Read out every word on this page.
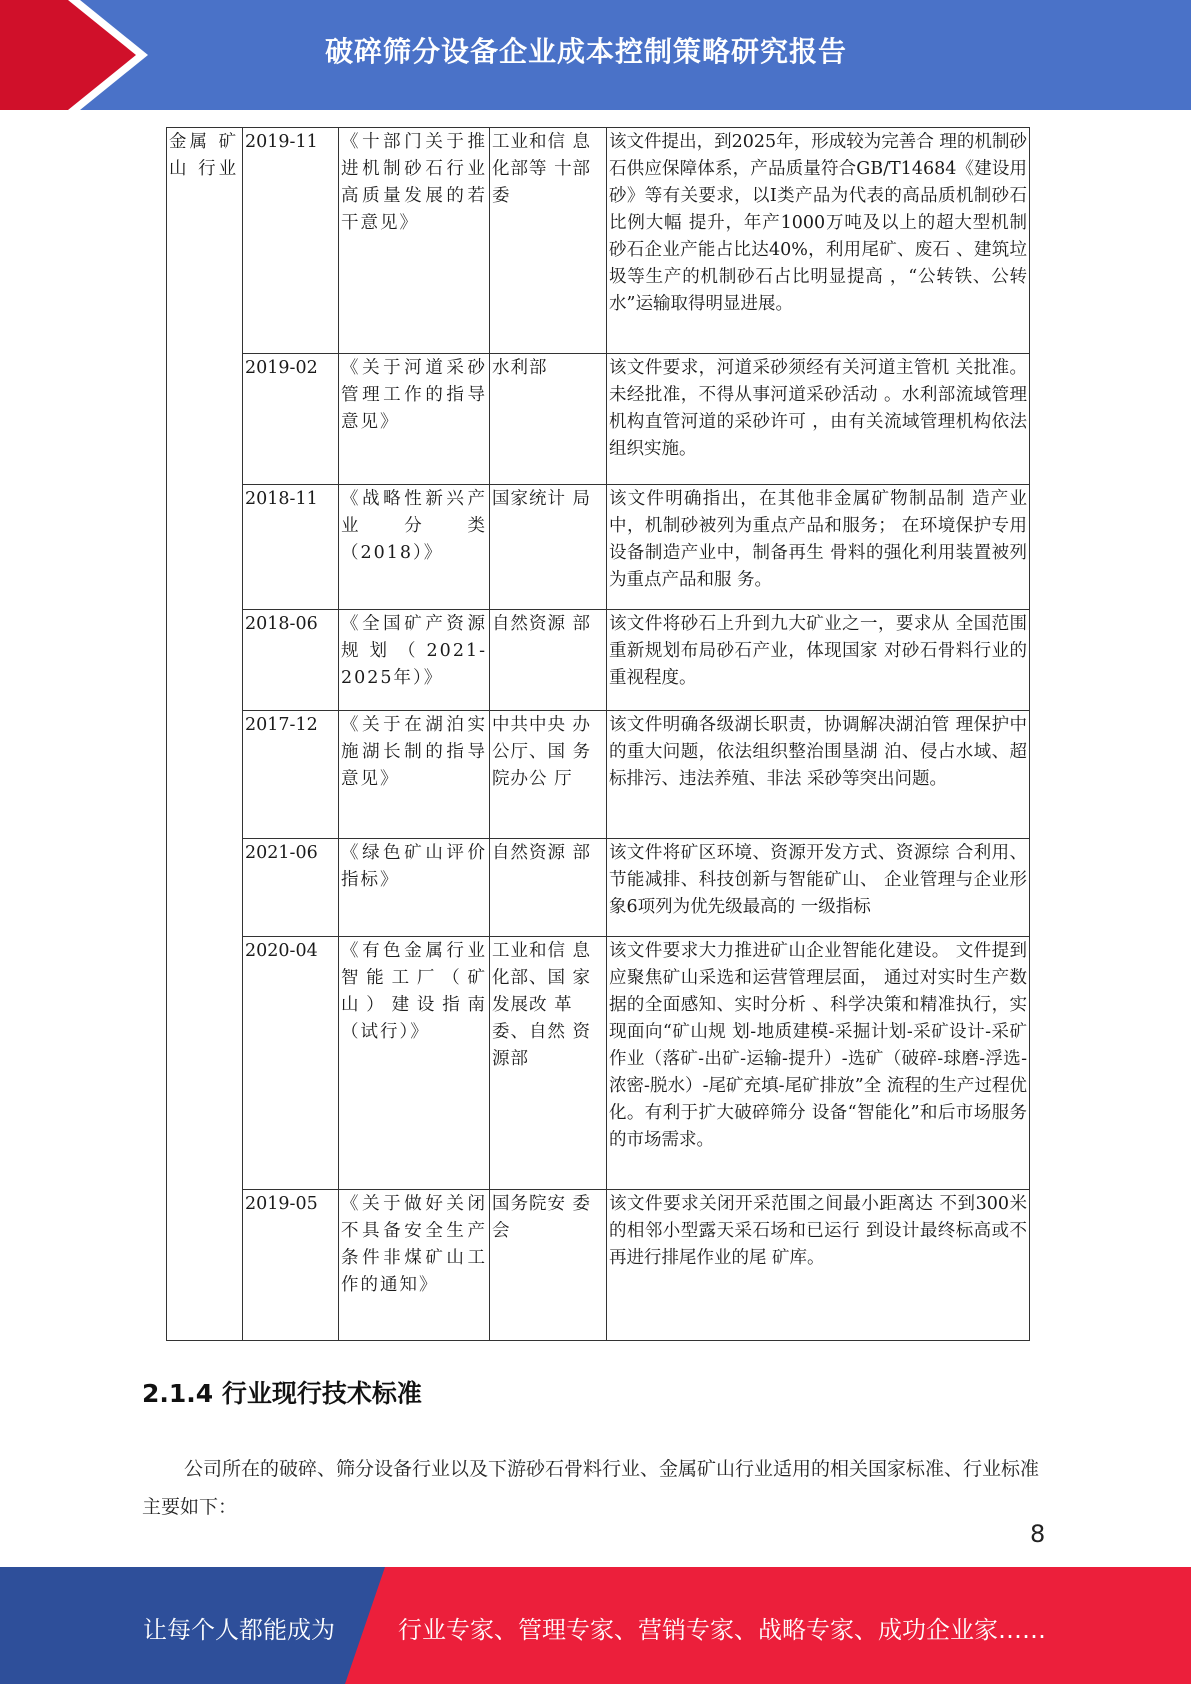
破碎筛分设备企业成本控制策略研究报告
金属 矿 山 行业	2019-11	《十部门关于推进机制砂石行业高质量发展的若干意见》	工业和信 息化部等 十部委	该文件提出，到2025年，形成较为完善合 理的机制砂石供应保障体系，产品质量符合GB/T14684《建设用砂》等有关要求，以Ⅰ类产品为代表的高品质机制砂石比例大幅 提升，年产1000万吨及以上的超大型机制 砂石企业产能占比达40%，利用尾矿、废石 、建筑垃圾等生产的机制砂石占比明显提高 ，“公转铁、公转水”运输取得明显进展。
	2019-02	《关于河道采砂管理工作的指导意见》	水利部	该文件要求，河道采砂须经有关河道主管机 关批准。未经批准，不得从事河道采砂活动 。水利部流域管理机构直管河道的采砂许可 ，由有关流域管理机构依法组织实施。
	2018-11	《战略性新兴产业分类（2018）》	国家统计 局	该文件明确指出，在其他非金属矿物制品制 造产业中，机制砂被列为重点产品和服务； 在环境保护专用设备制造产业中，制备再生 骨料的强化利用装置被列为重点产品和服 务。
	2018-06	《全国矿产资源规划（2021-2025年）》	自然资源 部	该文件将砂石上升到九大矿业之一，要求从 全国范围重新规划布局砂石产业，体现国家 对砂石骨料行业的重视程度。
	2017-12	《关于在湖泊实施湖长制的指导意见》	中共中央 办公厅、国 务院办公 厅	该文件明确各级湖长职责，协调解决湖泊管 理保护中的重大问题，依法组织整治围垦湖 泊、侵占水域、超标排污、违法养殖、非法 采砂等突出问题。
	2021-06	《绿色矿山评价指标》	自然资源 部	该文件将矿区环境、资源开发方式、资源综 合利用、节能减排、科技创新与智能矿山、 企业管理与企业形象6项列为优先级最高的 一级指标
	2020-04	《有色金属行业智能工厂（矿山）建设指南（试行）》	工业和信 息化部、国 家发展改 革委、自然 资源部	该文件要求大力推进矿山企业智能化建设。 文件提到应聚焦矿山采选和运营管理层面， 通过对实时生产数据的全面感知、实时分析 、科学决策和精准执行，实现面向“矿山规 划-地质建模-采掘计划-采矿设计-采矿作业（落矿-出矿-运输-提升）-选矿（破碎-球磨-浮选-浓密-脱水）-尾矿充填-尾矿排放”全 流程的生产过程优化。有利于扩大破碎筛分 设备“智能化”和后市场服务的市场需求。
	2019-05	《关于做好关闭不具备安全生产条件非煤矿山工作的通知》	国务院安 委会	该文件要求关闭开采范围之间最小距离达 不到300米的相邻小型露天采石场和已运行 到设计最终标高或不再进行排尾作业的尾 矿库。
2.1.4 行业现行技术标准
公司所在的破碎、筛分设备行业以及下游砂石骨料行业、金属矿山行业适用的相关国家标准、行业标准主要如下：
8
让每个人都能成为	行业专家、管理专家、营销专家、战略专家、成功企业家……
